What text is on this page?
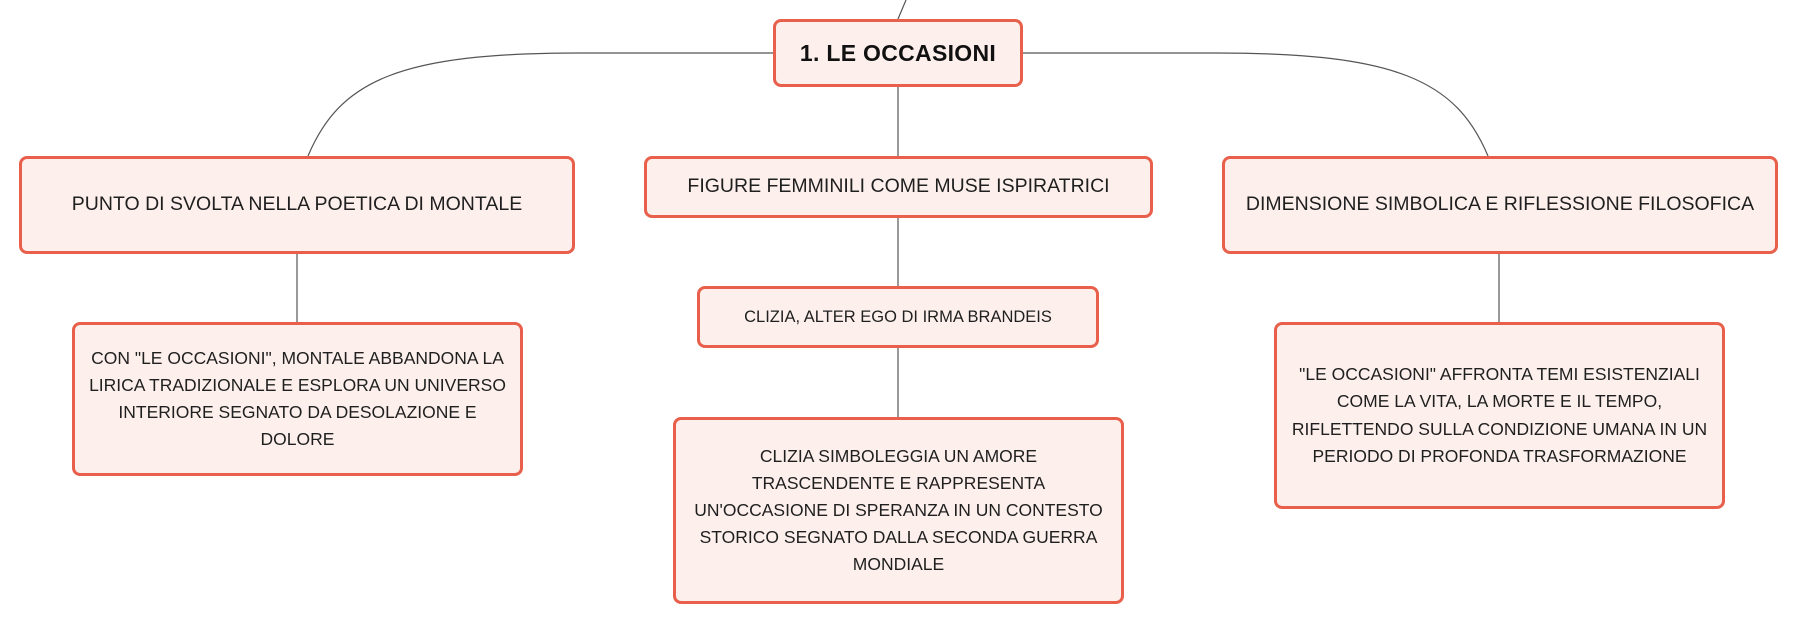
1. LE OCCASIONI
PUNTO DI SVOLTA NELLA POETICA DI MONTALE
FIGURE FEMMINILI COME MUSE ISPIRATRICI
DIMENSIONE SIMBOLICA E RIFLESSIONE FILOSOFICA
CLIZIA, ALTER EGO DI IRMA BRANDEIS
CON "LE OCCASIONI", MONTALE ABBANDONA LA LIRICA TRADIZIONALE E ESPLORA UN UNIVERSO INTERIORE SEGNATO DA DESOLAZIONE E DOLORE
CLIZIA SIMBOLEGGIA UN AMORE TRASCENDENTE E RAPPRESENTA UN'OCCASIONE DI SPERANZA IN UN CONTESTO STORICO SEGNATO DALLA SECONDA GUERRA MONDIALE
"LE OCCASIONI" AFFRONTA TEMI ESISTENZIALI COME LA VITA, LA MORTE E IL TEMPO, RIFLETTENDO SULLA CONDIZIONE UMANA IN UN PERIODO DI PROFONDA TRASFORMAZIONE
